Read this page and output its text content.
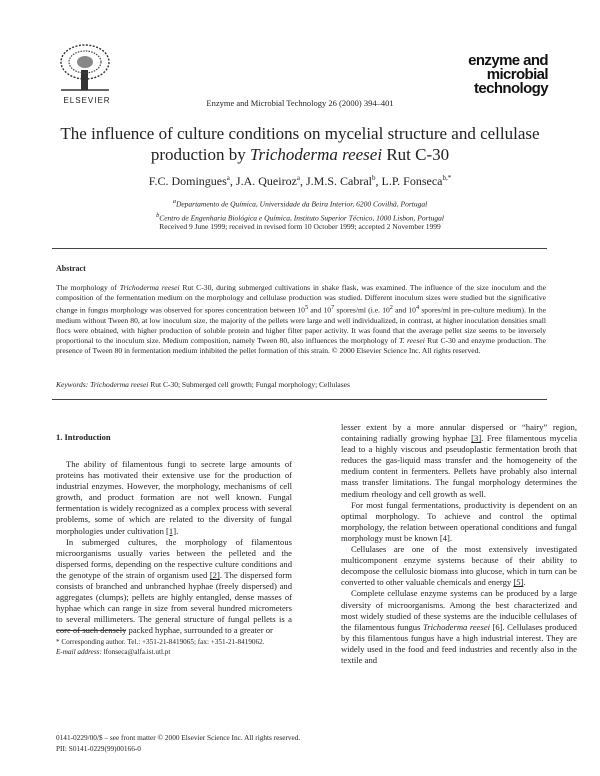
ELSEVIER	Enzyme and Microbial Technology 26 (2000) 394–401
enzyme and
microbial
technology
The influence of culture conditions on mycelial structure and cellulase
production by Trichoderma reesei Rut C-30
F.C. Domingues$^a$, J.A. Queiroz$^a$, J.M.S. Cabral$^b$, L.P. Fonseca$^{b,*}$
$^a$Departamento de Química, Universidade da Beira Interior, 6200 Covilhã, Portugal
$^b$Centro de Engenharia Biológica e Química, Instituto Superior Técnico, 1000 Lisbon, Portugal
Received 9 June 1999; received in revised form 10 October 1999; accepted 2 November 1999
Abstract
The morphology of Trichoderma reesei Rut C-30, during submerged cultivations in shake flask, was examined. The influence of the size inoculum and the composition of the fermentation medium on the morphology and cellulase production was studied. Different inoculum sizes were studied but the significative change in fungus morphology was observed for spores concentration between $10^5$ and $10^7$ spores/ml (i.e. $10^2$ and $10^4$ spores/ml in pre-culture medium). In the medium without Tween 80, at low inoculum size, the majority of the pellets were large and well individualized, in contrast, at higher inoculation densities small flocs were obtained, with higher production of soluble protein and higher filter paper activity. It was found that the average pellet size seems to be inversely proportional to the inoculum size. Medium composition, namely Tween 80, also influences the morphology of T. reesei Rut C-30 and enzyme production. The presence of Tween 80 in fermentation medium inhibited the pellet formation of this strain. © 2000 Elsevier Science Inc. All rights reserved.
Keywords: Trichoderma reesei Rut C-30; Submerged cell growth; Fungal morphology; Cellulases
1. Introduction

The ability of filamentous fungi to secrete large amounts of proteins has motivated their extensive use for the production of industrial enzymes. However, the morphology, mechanisms of cell growth, and product formation are not well known. Fungal fermentation is widely recognized as a complex process with several problems, some of which are related to the diversity of fungal morphologies under cultivation [1].

In submerged cultures, the morphology of filamentous microorganisms usually varies between the pelleted and the dispersed forms, depending on the respective culture conditions and the genotype of the strain of organism used [2]. The dispersed form consists of branched and unbranched hyphae (freely dispersed) and aggregates (clumps); pellets are highly entangled, dense masses of hyphae which can range in size from several hundred micrometers to several millimeters. The general structure of fungal pellets is a core of such densely packed hyphae, surrounded to a greater or

lesser extent by a more annular dispersed or “hairy” region, containing radially growing hyphae [3]. Free filamentous mycelia lead to a highly viscous and pseudoplastic fermentation broth that reduces the gas-liquid mass transfer and the homogeneity of the medium content in fermenters. Pellets have probably also internal mass transfer limitations. The fungal morphology determines the medium rheology and cell growth as well.

For most fungal fermentations, productivity is dependent on an optimal morphology. To achieve and control the optimal morphology, the relation between operational conditions and fungal morphology must be known [4].

Cellulases are one of the most extensively investigated multicomponent enzyme systems because of their ability to decompose the cellulosic biomass into glucose, which in turn can be converted to other valuable chemicals and energy [5].

Complete cellulase enzyme systems can be produced by a large diversity of microorganisms. Among the best characterized and most widely studied of these systems are the inducible cellulases of the filamentous fungus Trichoderma reesei [6]. Cellulases produced by this filamentous fungus have a high industrial interest. They are widely used in the food and feed industries and recently also in the textile and

* Corresponding author. Tel.: +351-21-8419065; fax: +351-21-8419062.
E-mail address: lfonseca@alfa.ist.utl.pt
0141-0229/00/$ – see front matter © 2000 Elsevier Science Inc. All rights reserved.
PII: S0141-0229(99)00166-0
